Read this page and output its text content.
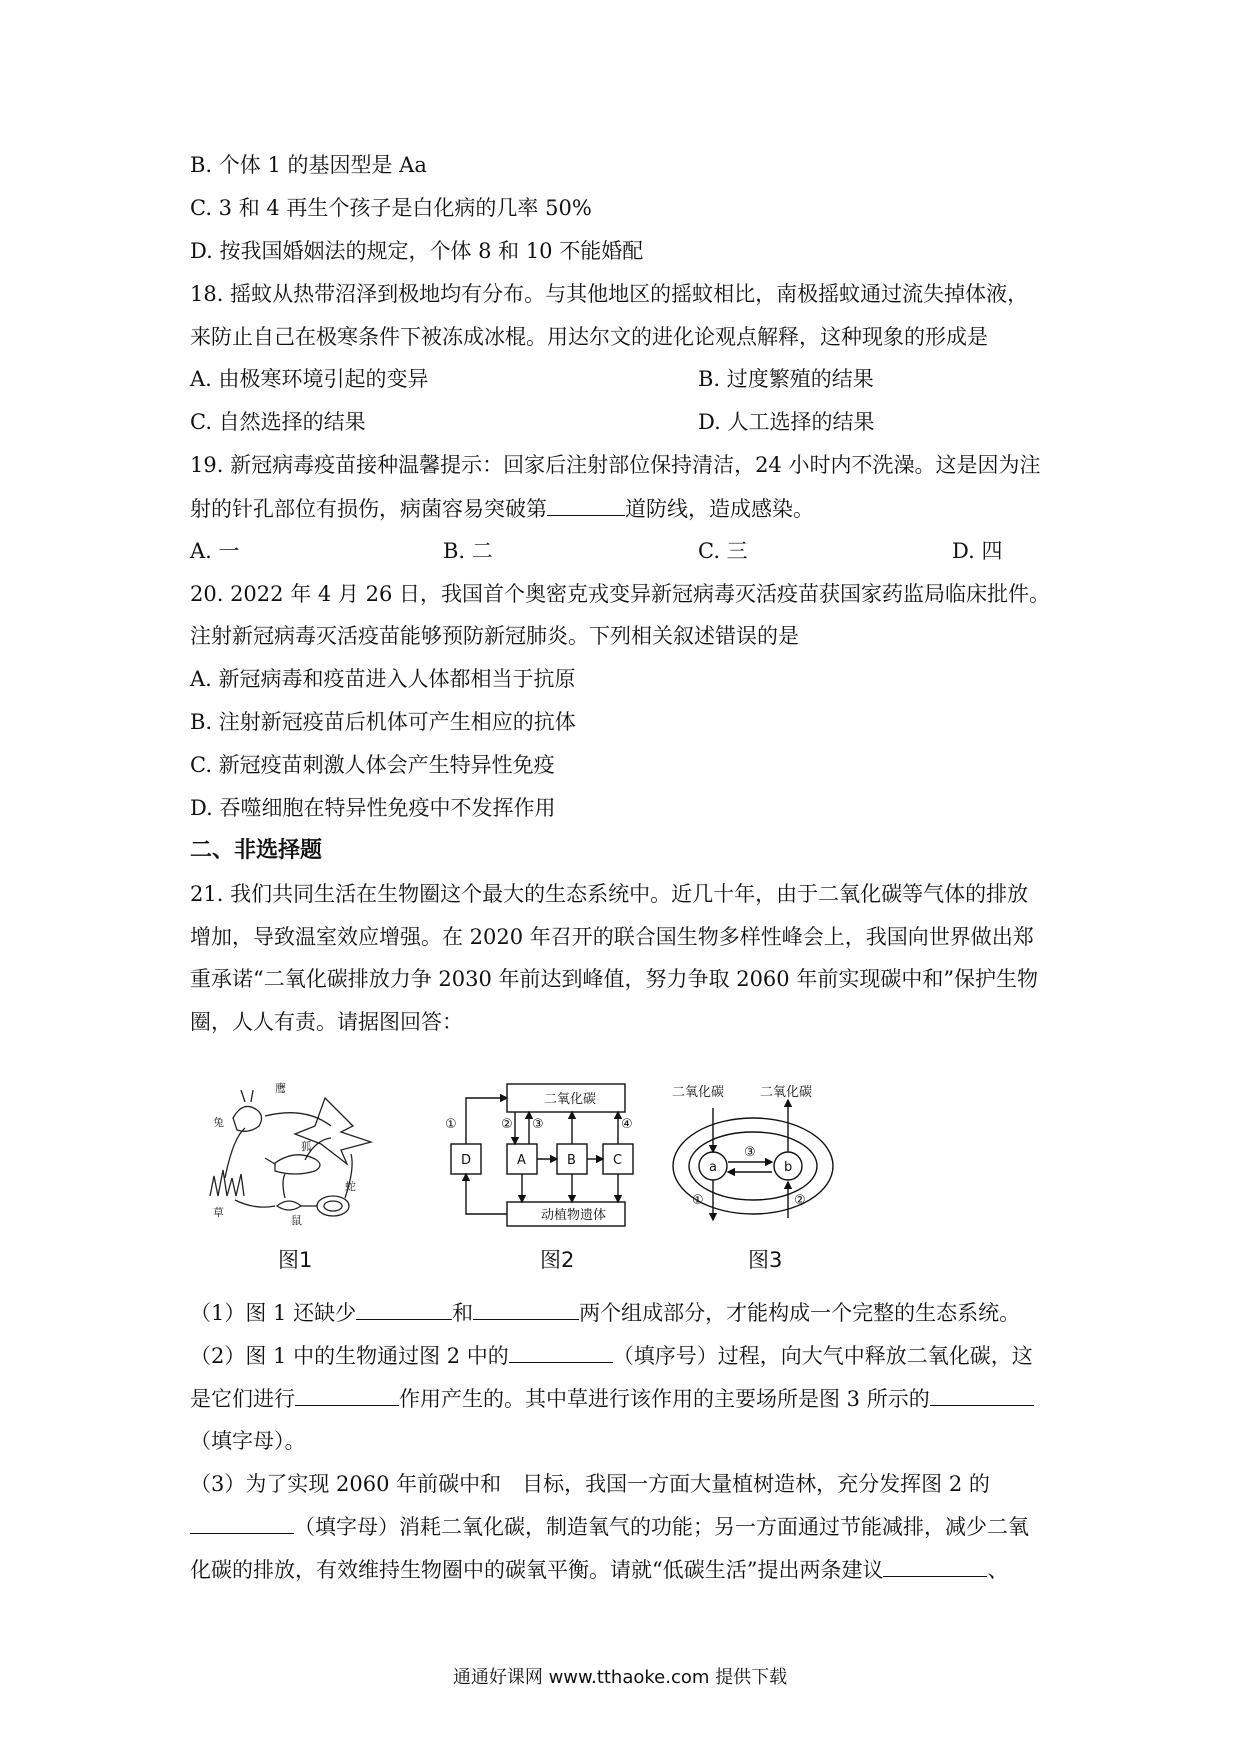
B. 个体 1 的基因型是 Aa
C. 3 和 4 再生个孩子是白化病的几率 50%
D. 按我国婚姻法的规定，个体 8 和 10 不能婚配
18. 摇蚊从热带沼泽到极地均有分布。与其他地区的摇蚊相比，南极摇蚊通过流失掉体液，
来防止自己在极寒条件下被冻成冰棍。用达尔文的进化论观点解释，这种现象的形成是
A. 由极寒环境引起的变异	B. 过度繁殖的结果
C. 自然选择的结果	D. 人工选择的结果
19. 新冠病毒疫苗接种温馨提示：回家后注射部位保持清洁，24 小时内不洗澡。这是因为注
射的针孔部位有损伤，病菌容易突破第	道防线，造成感染。
A. 一	B. 二	C. 三	D. 四
20. 2022 年 4 月 26 日，我国首个奥密克戎变异新冠病毒灭活疫苗获国家药监局临床批件。
注射新冠病毒灭活疫苗能够预防新冠肺炎。下列相关叙述错误的是
A. 新冠病毒和疫苗进入人体都相当于抗原
B. 注射新冠疫苗后机体可产生相应的抗体
C. 新冠疫苗刺激人体会产生特异性免疫
D. 吞噬细胞在特异性免疫中不发挥作用
二、非选择题
21. 我们共同生活在生物圈这个最大的生态系统中。近几十年，由于二氧化碳等气体的排放
增加，导致温室效应增强。在 2020 年召开的联合国生物多样性峰会上，我国向世界做出郑
重承诺“二氧化碳排放力争 2030 年前达到峰值，努力争取 2060 年前实现碳中和”保护生物
圈，人人有责。请据图回答：
鹰
兔
狐
蛇
鼠
草
二氧化碳
D	A	B	C
动植物遗体
①	② ③	④
二氧化碳	二氧化碳
a	b
①	②
③
图1	图2	图3
（1）图 1 还缺少	和	两个组成部分，才能构成一个完整的生态系统。
（2）图 1 中的生物通过图 2 中的	（填序号）过程，向大气中释放二氧化碳，这
是它们进行	作用产生的。其中草进行该作用的主要场所是图 3 所示的
（填字母）。
（3）为了实现 2060 年前碳中和　目标，我国一方面大量植树造林，充分发挥图 2 的
（填字母）消耗二氧化碳，制造氧气的功能；另一方面通过节能减排，减少二氧
化碳的排放，有效维持生物圈中的碳氧平衡。请就“低碳生活”提出两条建议	、
通通好课网 www.tthaoke.com 提供下载
